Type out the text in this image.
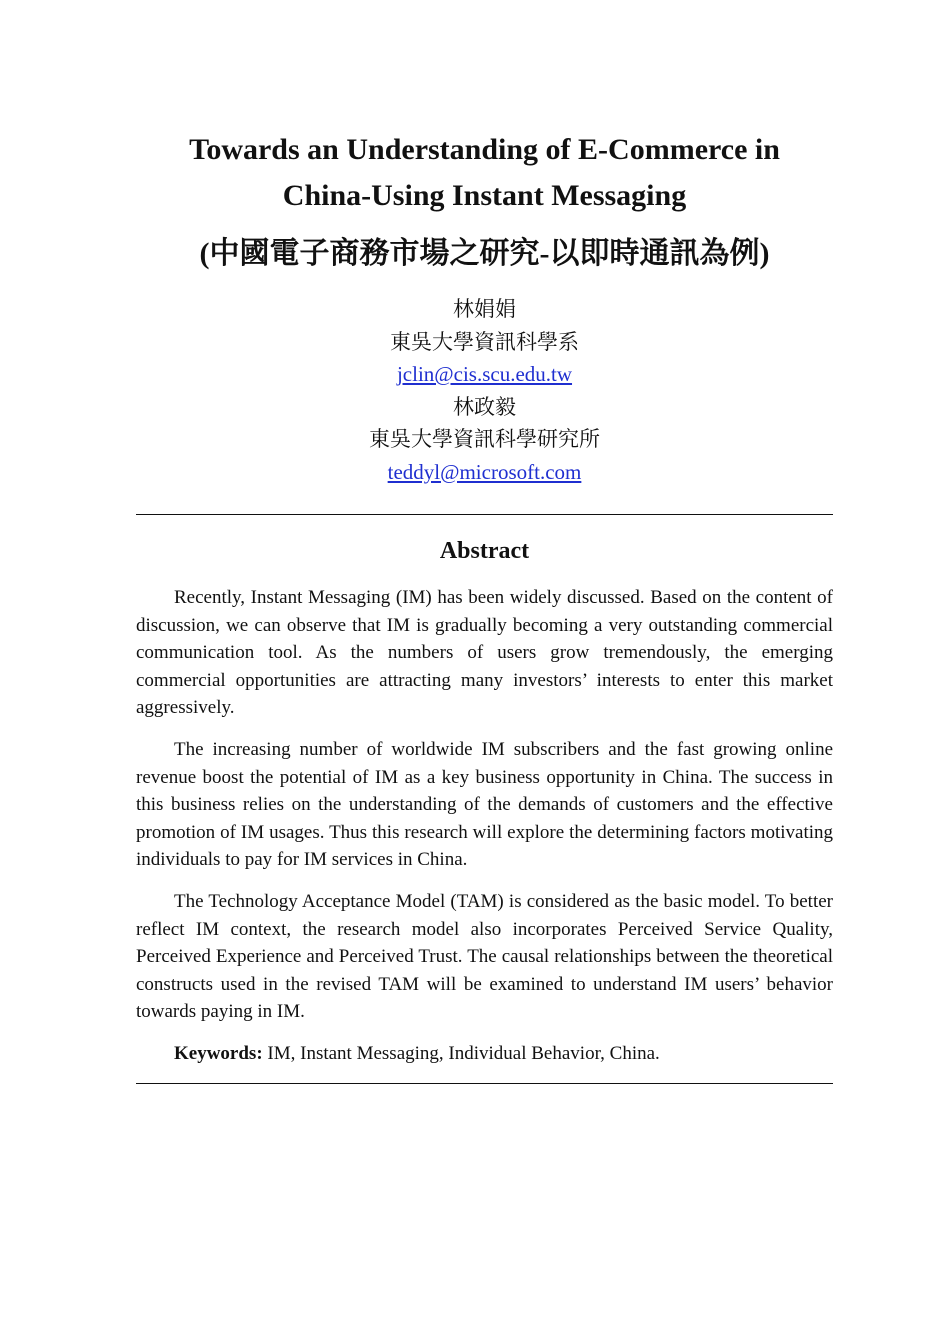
Towards an Understanding of E-Commerce in
China-Using Instant Messaging
(中國電子商務市場之研究-以即時通訊為例)
林娟娟
東吳大學資訊科學系
jclin@cis.scu.edu.tw
林政毅
東吳大學資訊科學研究所
teddyl@microsoft.com
Abstract

Recently, Instant Messaging (IM) has been widely discussed. Based on the content of discussion, we can observe that IM is gradually becoming a very outstanding commercial communication tool. As the numbers of users grow tremendously, the emerging commercial opportunities are attracting many investors’ interests to enter this market aggressively.

The increasing number of worldwide IM subscribers and the fast growing online revenue boost the potential of IM as a key business opportunity in China. The success in this business relies on the understanding of the demands of customers and the effective promotion of IM usages. Thus this research will explore the determining factors motivating individuals to pay for IM services in China.

The Technology Acceptance Model (TAM) is considered as the basic model. To better reflect IM context, the research model also incorporates Perceived Service Quality, Perceived Experience and Perceived Trust. The causal relationships between the theoretical constructs used in the revised TAM will be examined to understand IM users’ behavior towards paying in IM.

Keywords: IM, Instant Messaging, Individual Behavior, China.
